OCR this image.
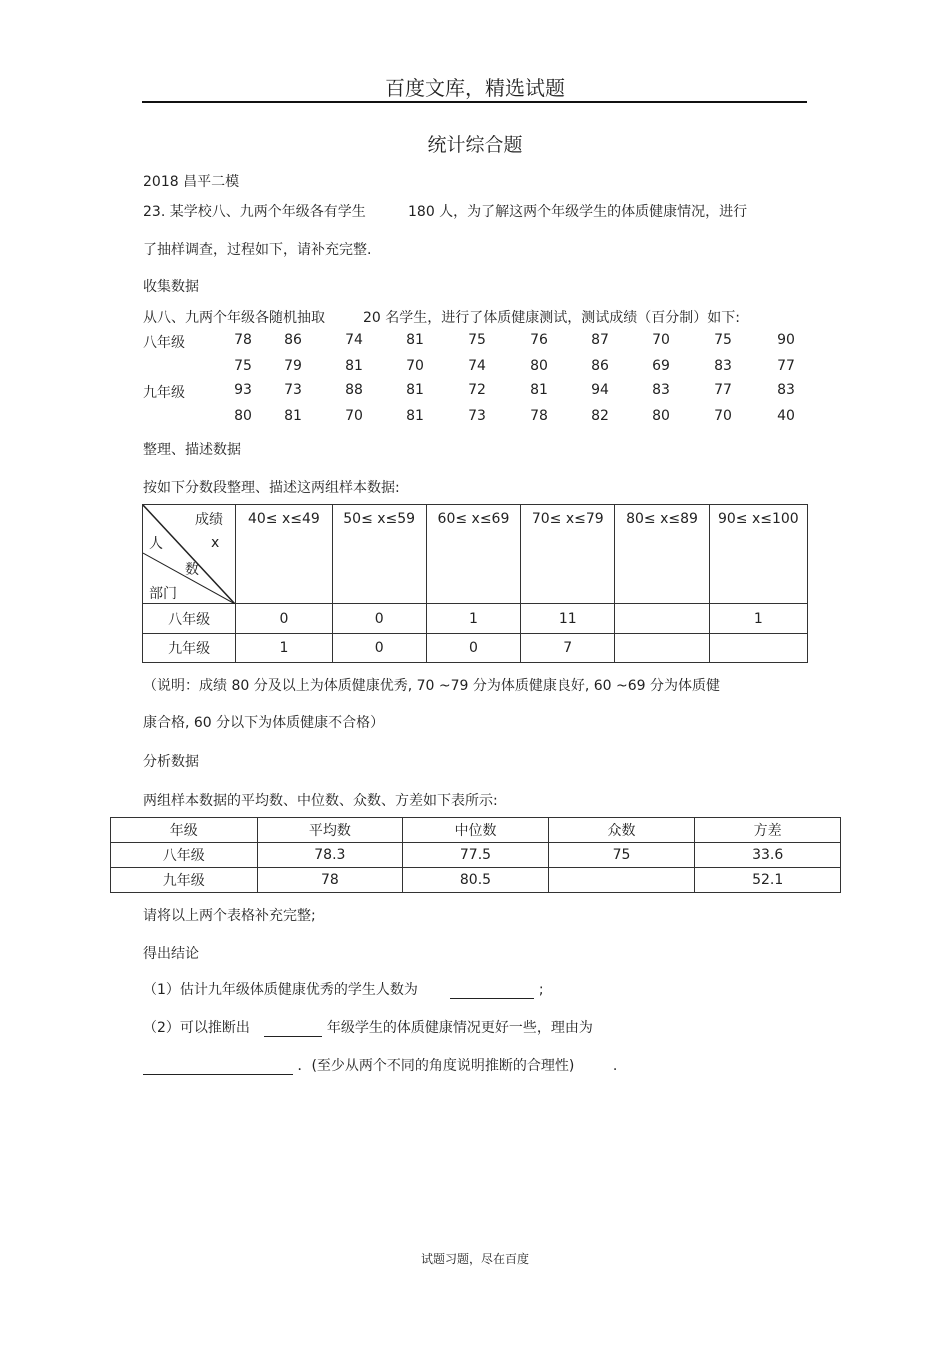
百度文库，精选试题
统计综合题
2018 昌平二模
23. 某学校八、九两个年级各有学生	180 人，为了解这两个年级学生的体质健康情况，进行
了抽样调查，过程如下，请补充完整.
收集数据
从八、九两个年级各随机抽取	20 名学生，进行了体质健康测试，测试成绩（百分制）如下:
八年级
九年级
78	86	74	81	75	76	87	70	75	90
75	79	81	70	74	80	86	69	83	77
93	73	88	81	72	81	94	83	77	83
80	81	70	81	73	78	82	80	70	40
整理、描述数据
按如下分数段整理、描述这两组样本数据:
成绩
x
人
数
部门	40≤ x≤49	50≤ x≤59	60≤ x≤69	70≤ x≤79	80≤ x≤89	90≤ x≤100
八年级	0	0	1	11		1
九年级	1	0	0	7		
（说明：成绩 80 分及以上为体质健康优秀, 70 ~79 分为体质健康良好, 60 ~69 分为体质健
康合格, 60 分以下为体质健康不合格）
分析数据
两组样本数据的平均数、中位数、众数、方差如下表所示:
年级	平均数	中位数	众数	方差
八年级	78.3	77.5	75	33.6
九年级	78	80.5		52.1
请将以上两个表格补充完整;
得出结论
（1）估计九年级体质健康优秀的学生人数为	;
（2）可以推断出	年级学生的体质健康情况更好一些，理由为
．(至少从两个不同的角度说明推断的合理性)	.
试题习题，尽在百度
